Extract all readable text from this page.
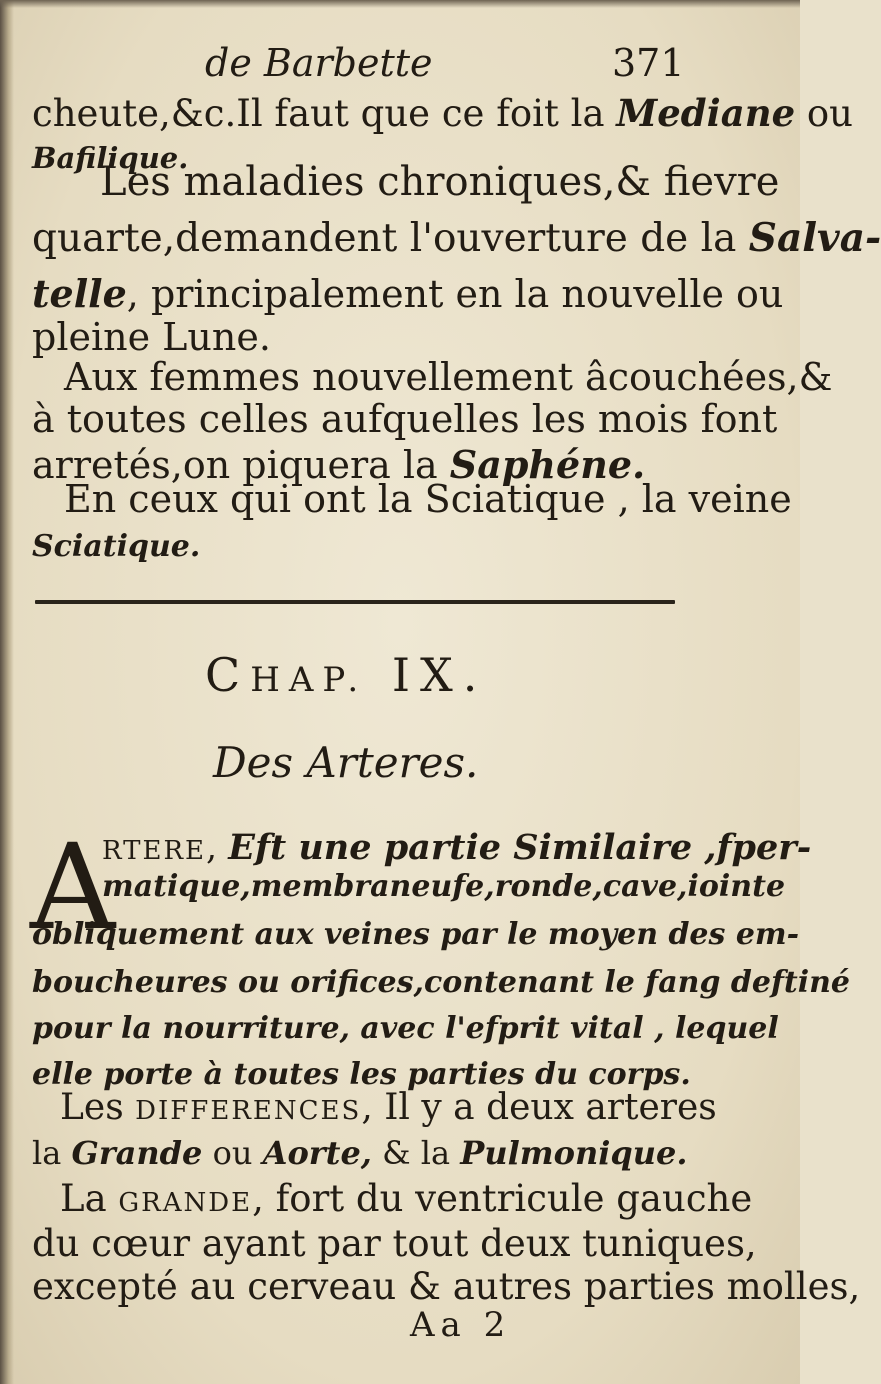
de Barbette	371
cheute,&c.Il faut que ce foit la Mediane ou
Bafilique.
Les maladies chroniques,& fievre
quarte,demandent l'ouverture de la Salva-
telle, principalement en la nouvelle ou
pleine Lune.
Aux femmes nouvellement âcouchées,&
à toutes celles aufquelles les mois font
arretés,on piquera la Saphéne.
En ceux qui ont la Sciatique , la veine
Sciatique.
CHAP. IX.
Des Arteres.
A
RTERE, Eft une partie Similaire ,fper-
matique,membraneufe,ronde,cave,iointe
obliquement aux veines par le moyen des em-
boucheures ou orifices,contenant le fang deftiné
pour la nourriture, avec l'efprit vital , lequel
elle porte à toutes les parties du corps.
Les DIFFERENCES, Il y a deux arteres
la Grande ou Aorte, & la Pulmonique.
La GRANDE, fort du ventricule gauche
du cœur ayant par tout deux tuniques,
excepté au cerveau & autres parties molles,
Aa 2
